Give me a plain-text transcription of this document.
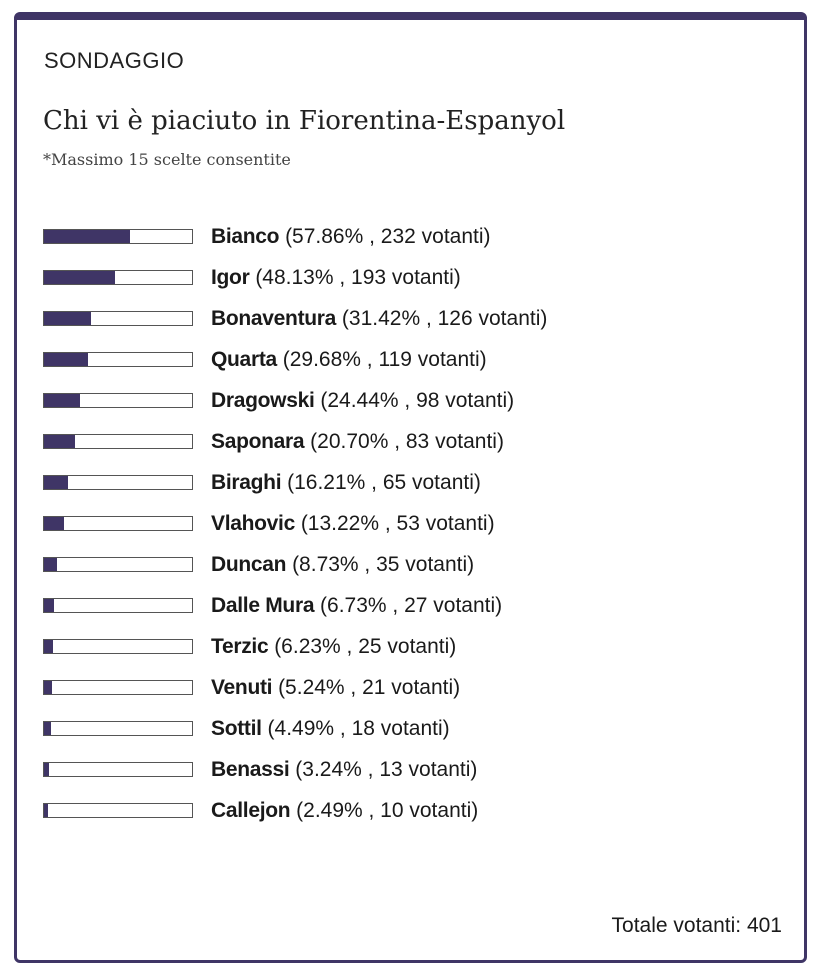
SONDAGGIO
Chi vi è piaciuto in Fiorentina-Espanyol
*Massimo 15 scelte consentite
Bianco (57.86% , 232 votanti)
Igor (48.13% , 193 votanti)
Bonaventura (31.42% , 126 votanti)
Quarta (29.68% , 119 votanti)
Dragowski (24.44% , 98 votanti)
Saponara (20.70% , 83 votanti)
Biraghi (16.21% , 65 votanti)
Vlahovic (13.22% , 53 votanti)
Duncan (8.73% , 35 votanti)
Dalle Mura (6.73% , 27 votanti)
Terzic (6.23% , 25 votanti)
Venuti (5.24% , 21 votanti)
Sottil (4.49% , 18 votanti)
Benassi (3.24% , 13 votanti)
Callejon (2.49% , 10 votanti)
Totale votanti: 401
